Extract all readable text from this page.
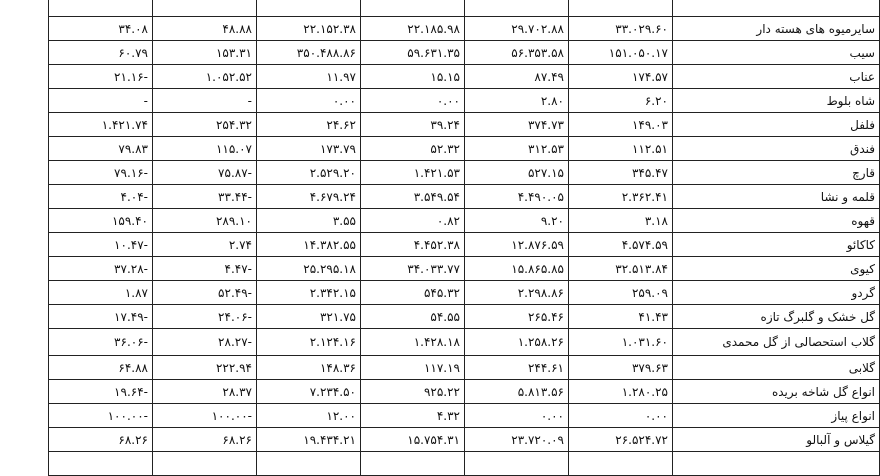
سایرمیوه های هسته دار	۳۳.۰۲۹.۶۰	۲۹.۷۰۲.۸۸	۲۲.۱۸۵.۹۸	۲۲.۱۵۲.۳۸	۴۸.۸۸	۳۴.۰۸
سیب	۱۵۱.۰۵۰.۱۷	۵۶.۳۵۳.۵۸	۵۹.۶۳۱.۳۵	۳۵۰.۴۸۸.۸۶	۱۵۳.۳۱	۶۰.۷۹
عناب	۱۷۴.۵۷	۸۷.۴۹	۱۵.۱۵	۱۱.۹۷	۱.۰۵۲.۵۲	-۲۱.۱۶
شاه بلوط	۶.۲۰	۲.۸۰	۰.۰۰	۰.۰۰	-	-
فلفل	۱۴۹.۰۳	۳۷۴.۷۳	۳۹.۲۴	۲۴.۶۲	۲۵۴.۳۲	۱.۴۲۱.۷۴
فندق	۱۱۲.۵۱	۳۱۲.۵۳	۵۲.۳۲	۱۷۳.۷۹	۱۱۵.۰۷	۷۹.۸۳
قارچ	۳۴۵.۴۷	۵۲۷.۱۵	۱.۴۲۱.۵۳	۲.۵۲۹.۲۰	-۷۵.۸۷	-۷۹.۱۶
قلمه و نشا	۲.۳۶۲.۴۱	۴.۴۹۰.۰۵	۳.۵۴۹.۵۴	۴.۶۷۹.۲۴	-۳۳.۴۴	-۴.۰۴
قهوه	۳.۱۸	۹.۲۰	۰.۸۲	۳.۵۵	۲۸۹.۱۰	۱۵۹.۴۰
کاکائو	۴.۵۷۴.۵۹	۱۲.۸۷۶.۵۹	۴.۴۵۲.۳۸	۱۴.۳۸۲.۵۵	۲.۷۴	-۱۰.۴۷
کیوی	۳۲.۵۱۳.۸۴	۱۵.۸۶۵.۸۵	۳۴.۰۳۳.۷۷	۲۵.۲۹۵.۱۸	-۴.۴۷	-۳۷.۲۸
گردو	۲۵۹.۰۹	۲.۲۹۸.۸۶	۵۴۵.۳۲	۲.۳۴۲.۱۵	-۵۲.۴۹	۱.۸۷
گل خشک و گلبرگ تازه	۴۱.۴۳	۲۶۵.۴۶	۵۴.۵۵	۳۲۱.۷۵	-۲۴.۰۶	-۱۷.۴۹
گلاب استحصالی از گل محمدی	۱.۰۳۱.۶۰	۱.۲۵۸.۲۶	۱.۴۲۸.۱۸	۲.۱۲۴.۱۶	-۲۸.۲۷	-۳۶.۰۶
گلابی	۳۷۹.۶۳	۲۴۴.۶۱	۱۱۷.۱۹	۱۴۸.۳۶	۲۲۲.۹۴	۶۴.۸۸
انواع گل شاخه بریده	۱.۲۸۰.۲۵	۵.۸۱۳.۵۶	۹۲۵.۲۲	۷.۲۳۴.۵۰	۲۸.۳۷	-۱۹.۶۴
انواع پیاز	۰.۰۰	۰.۰۰	۴.۳۲	۱۲.۰۰	-۱۰۰.۰۰	-۱۰۰.۰۰
گیلاس و آلبالو	۲۶.۵۲۴.۷۲	۲۳.۷۲۰.۰۹	۱۵.۷۵۴.۳۱	۱۹.۴۳۴.۲۱	۶۸.۲۶	۶۸.۲۶
